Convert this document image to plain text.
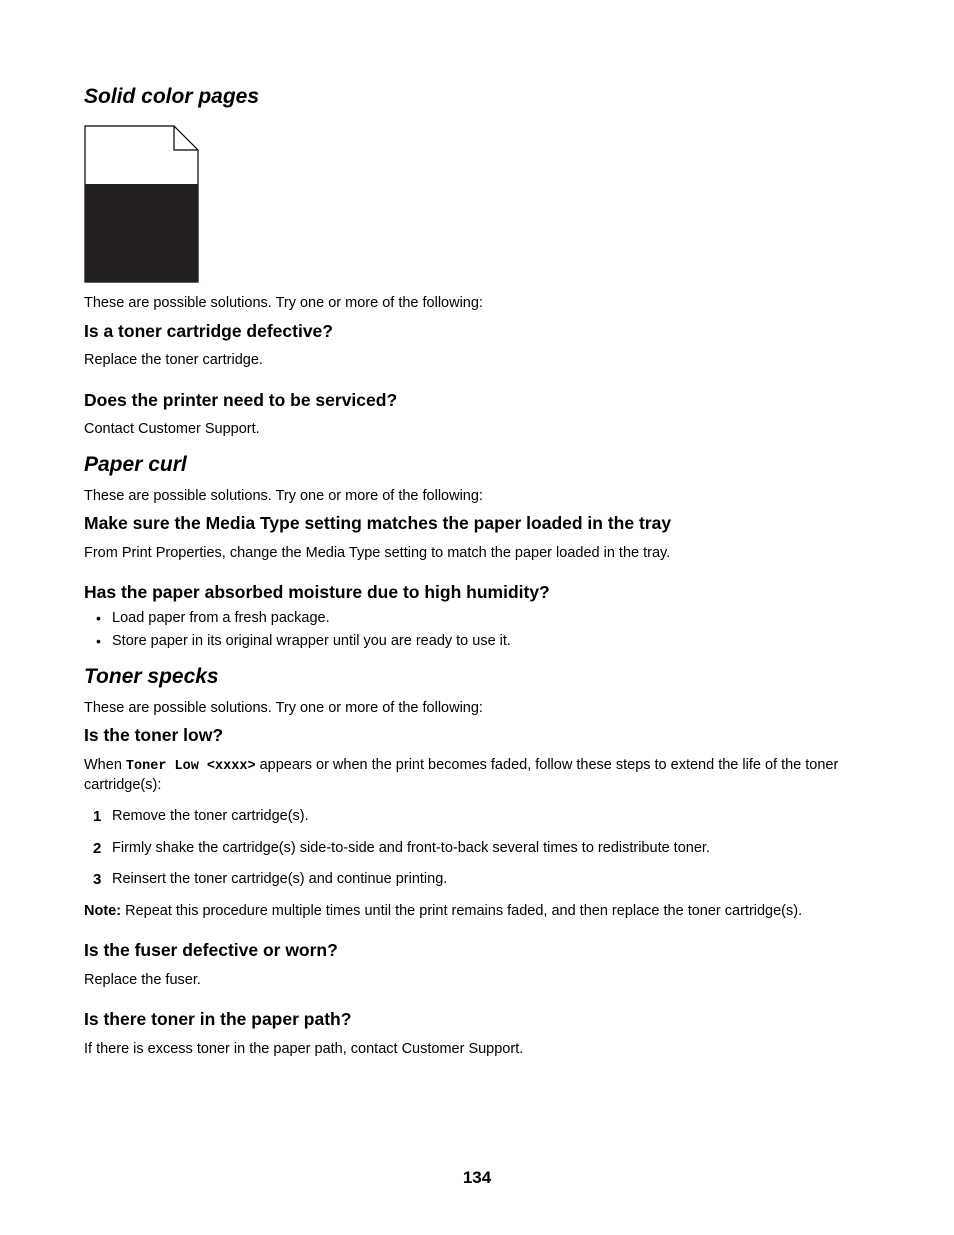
Solid color pages
These are possible solutions. Try one or more of the following:
Is a toner cartridge defective?
Replace the toner cartridge.
Does the printer need to be serviced?
Contact Customer Support.
Paper curl
These are possible solutions. Try one or more of the following:
Make sure the Media Type setting matches the paper loaded in the tray
From Print Properties, change the Media Type setting to match the paper loaded in the tray.
Has the paper absorbed moisture due to high humidity?
• Load paper from a fresh package.
• Store paper in its original wrapper until you are ready to use it.
Toner specks
These are possible solutions. Try one or more of the following:
Is the toner low?
When Toner Low <xxxx> appears or when the print becomes faded, follow these steps to extend the life of the toner cartridge(s):
1 Remove the toner cartridge(s).
2 Firmly shake the cartridge(s) side-to-side and front-to-back several times to redistribute toner.
3 Reinsert the toner cartridge(s) and continue printing.
Note: Repeat this procedure multiple times until the print remains faded, and then replace the toner cartridge(s).
Is the fuser defective or worn?
Replace the fuser.
Is there toner in the paper path?
If there is excess toner in the paper path, contact Customer Support.
134
